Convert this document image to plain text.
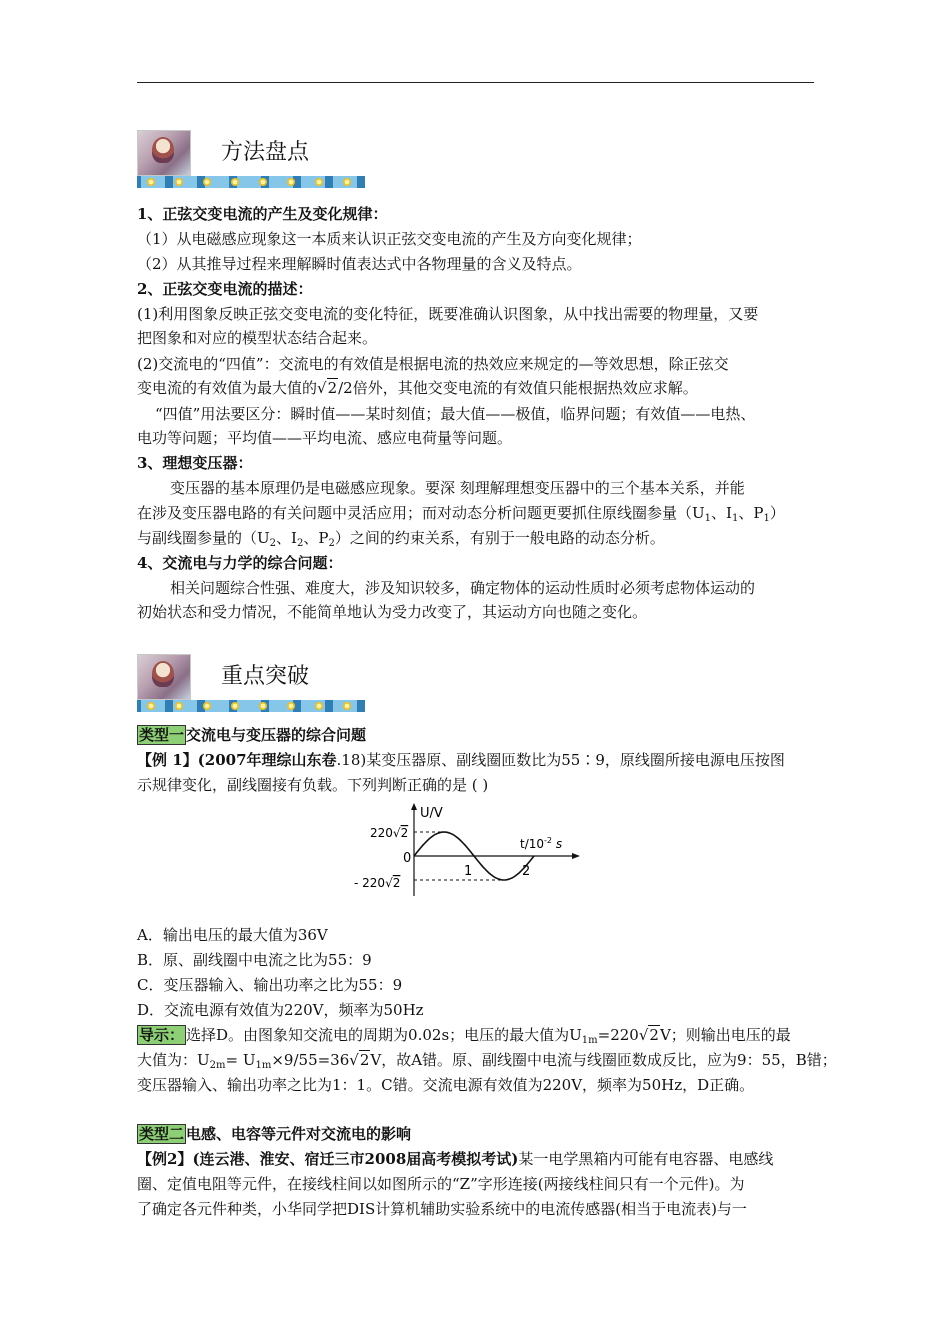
方法盘点
1、正弦交变电流的产生及变化规律：
（1）从电磁感应现象这一本质来认识正弦交变电流的产生及方向变化规律；
（2）从其推导过程来理解瞬时值表达式中各物理量的含义及特点。
2、正弦交变电流的描述：
(1)利用图象反映正弦交变电流的变化特征，既要准确认识图象，从中找出需要的物理量，又要
把图象和对应的模型状态结合起来。
(2)交流电的“四值”：交流电的有效值是根据电流的热效应来规定的—等效思想，除正弦交
变电流的有效值为最大值的√2/2倍外，其他交变电流的有效值只能根据热效应求解。
“四值”用法要区分：瞬时值——某时刻值；最大值——极值，临界问题；有效值——电热、
电功等问题；平均值——平均电流、感应电荷量等问题。
3、理想变压器：
变压器的基本原理仍是电磁感应现象。要深 刻理解理想变压器中的三个基本关系，并能
在涉及变压器电路的有关问题中灵活应用；而对动态分析问题更要抓住原线圈参量（$U_1$、$I_1$、$P_1$）
与副线圈参量的（$U_2$、$I_2$、$P_2$）之间的约束关系，有别于一般电路的动态分析。
4、交流电与力学的综合问题：
相关问题综合性强、难度大，涉及知识较多，确定物体的运动性质时必须考虑物体运动的
初始状态和受力情况，不能简单地认为受力改变了，其运动方向也随之变化。
重点突破
类型一 交流电与变压器的综合问题
【例 1】(2007年理综山东卷.18)某变压器原、副线圈匝数比为55∶9，原线圈所接电源电压按图
示规律变化，副线圈接有负载。下列判断正确的是 ( )
U/V
$t/10^{-2}$ s
220√2
- 220√2
0
1	2
A．输出电压的最大值为36V
B．原、副线圈中电流之比为55：9
C．变压器输入、输出功率之比为55：9
D．交流电源有效值为220V，频率为50Hz
导示： 选择D。由图象知交流电的周期为0.02s；电压的最大值为$U_{1m}=220√2V$；则输出电压的最
大值为：$U_{2m}= U_{1m}\times 9/55=36√2V$，故A错。原、副线圈中电流与线圈匝数成反比，应为9：55，B错；
变压器输入、输出功率之比为1：1。C错。交流电源有效值为220V，频率为50Hz，D正确。
类型二 电感、电容等元件对交流电的影响
【例2】(连云港、淮安、宿迁三市2008届高考模拟考试)某一电学黑箱内可能有电容器、电感线
圈、定值电阻等元件，在接线柱间以如图所示的“Z”字形连接(两接线柱间只有一个元件)。为
了确定各元件种类，小华同学把DIS计算机辅助实验系统中的电流传感器(相当于电流表)与一
